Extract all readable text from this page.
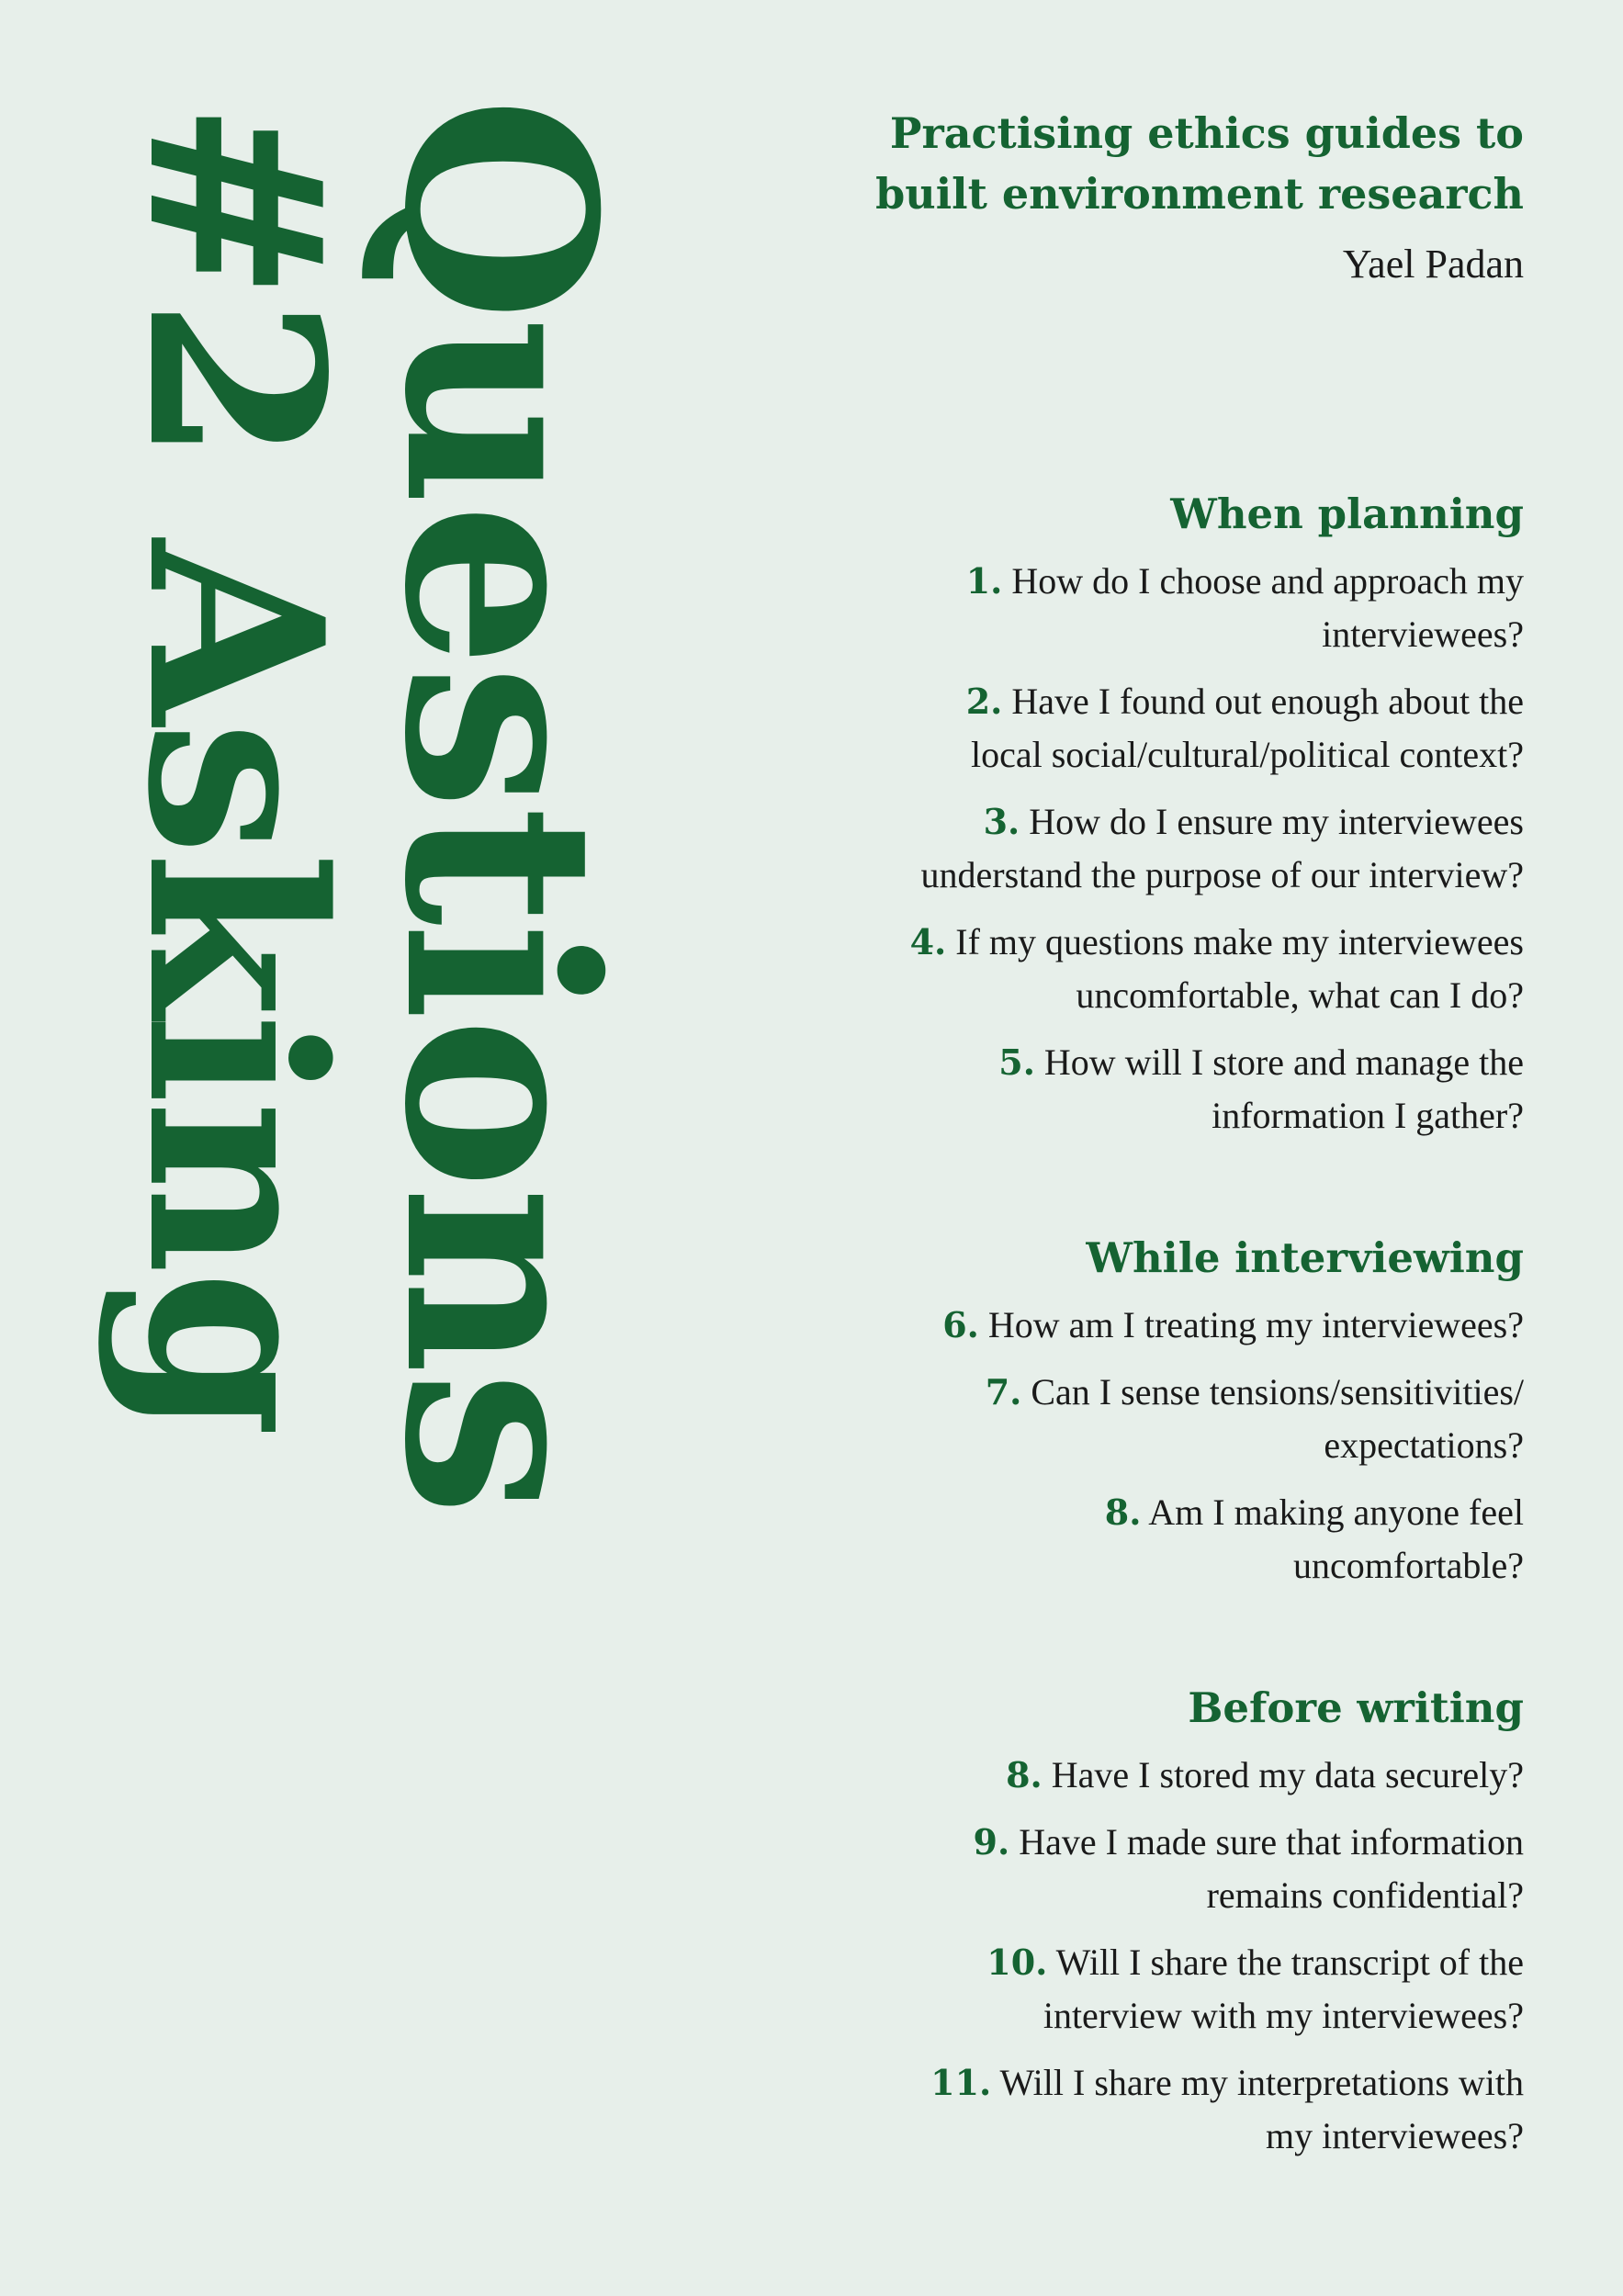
#2 Asking
Questions	Practising ethics guides to
built environment research
Yael Padan
When planning
1. How do I choose and approach my
interviewees?
2. Have I found out enough about the
local social/cultural/political context?
3. How do I ensure my interviewees
understand the purpose of our interview?
4. If my questions make my interviewees
uncomfortable, what can I do?
5. How will I store and manage the
information I gather?
While interviewing
6. How am I treating my interviewees?
7. Can I sense tensions/sensitivities/
expectations?
8. Am I making anyone feel
uncomfortable?
Before writing
8. Have I stored my data securely?
9. Have I made sure that information
remains confidential?
10. Will I share the transcript of the
interview with my interviewees?
11. Will I share my interpretations with
my interviewees?
